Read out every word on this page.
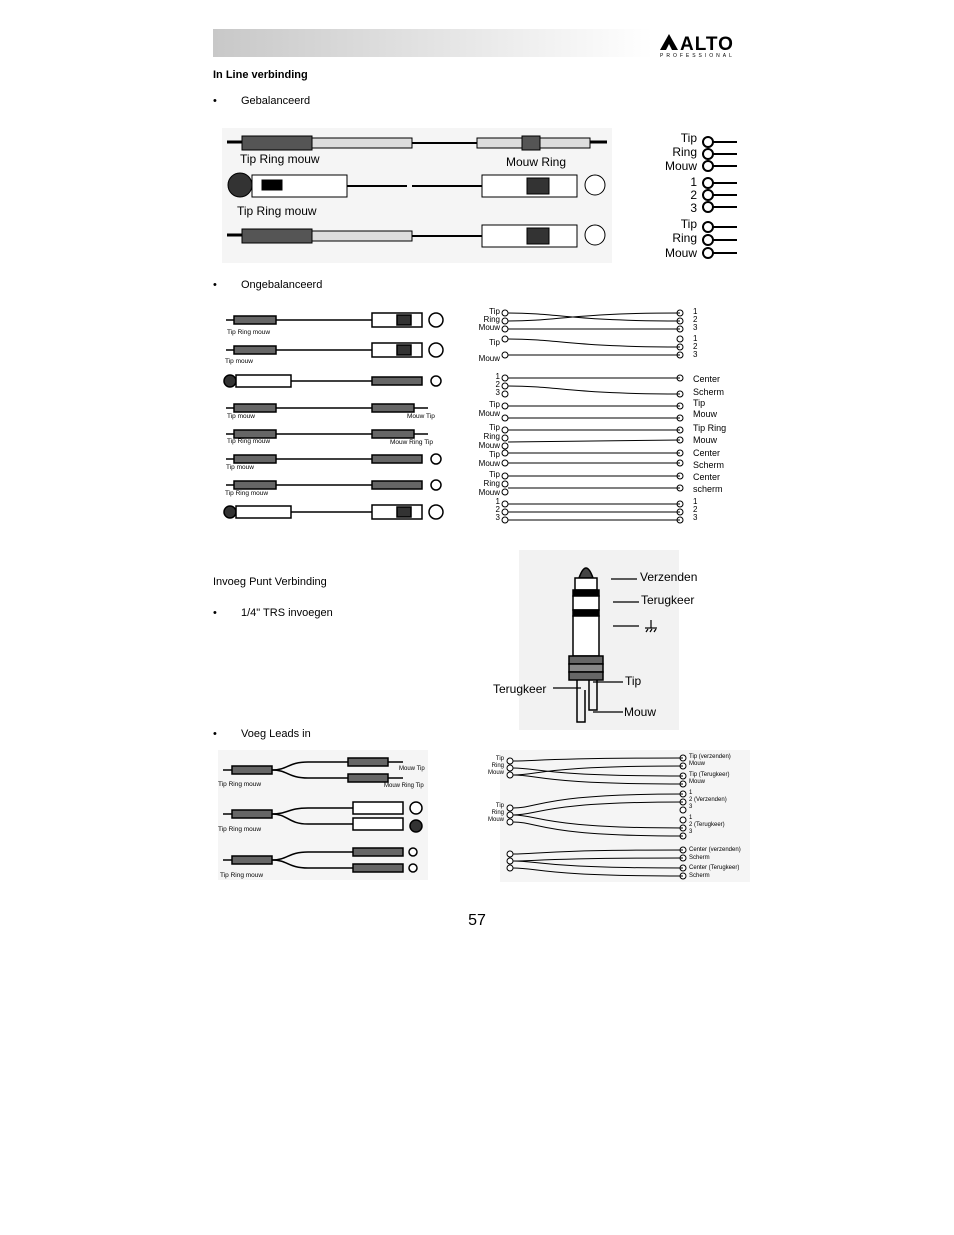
ALTO
PROFESSIONAL
In Line verbinding
• Gebalanceerd
Tip Ring mouw	Mouw Ring
Tip Ring mouw
Tip
Ring
Mouw
1
2
3
Tip
Ring
Mouw
• Ongebalanceerd
Tip Ring mouw
Tip mouw
Tip mouw	Mouw Tip
Tip Ring mouw	Mouw Ring Tip
Tip mouw
Tip Ring mouw
Tip
Ring
Mouw
Tip
Mouw
1
2
3
Tip
Mouw
Tip
Ring
Mouw
Tip
Mouw
Tip
Ring
Mouw
1
2
3
1
2
3
1
2
3
Center
Scherm
Tip
Mouw
Tip Ring
Mouw
Center
Scherm
Center
scherm
1
2
3
Invoeg Punt Verbinding
• 1/4" TRS invoegen
Verzenden
Terugkeer
Tip
Terugkeer
Mouw
• Voeg Leads in
Tip Ring mouw
Mouw Tip
Mouw Ring Tip
Tip Ring mouw
Tip Ring mouw
Tip
Ring
Mouw
Tip
Ring
Mouw
Tip (verzenden)
Mouw
Tip (Terugkeer)
Mouw
1
2 (Verzenden)
3
1
2 (Terugkeer)
3
Center (verzenden)
Scherm
Center (Terugkeer)
Scherm
57
